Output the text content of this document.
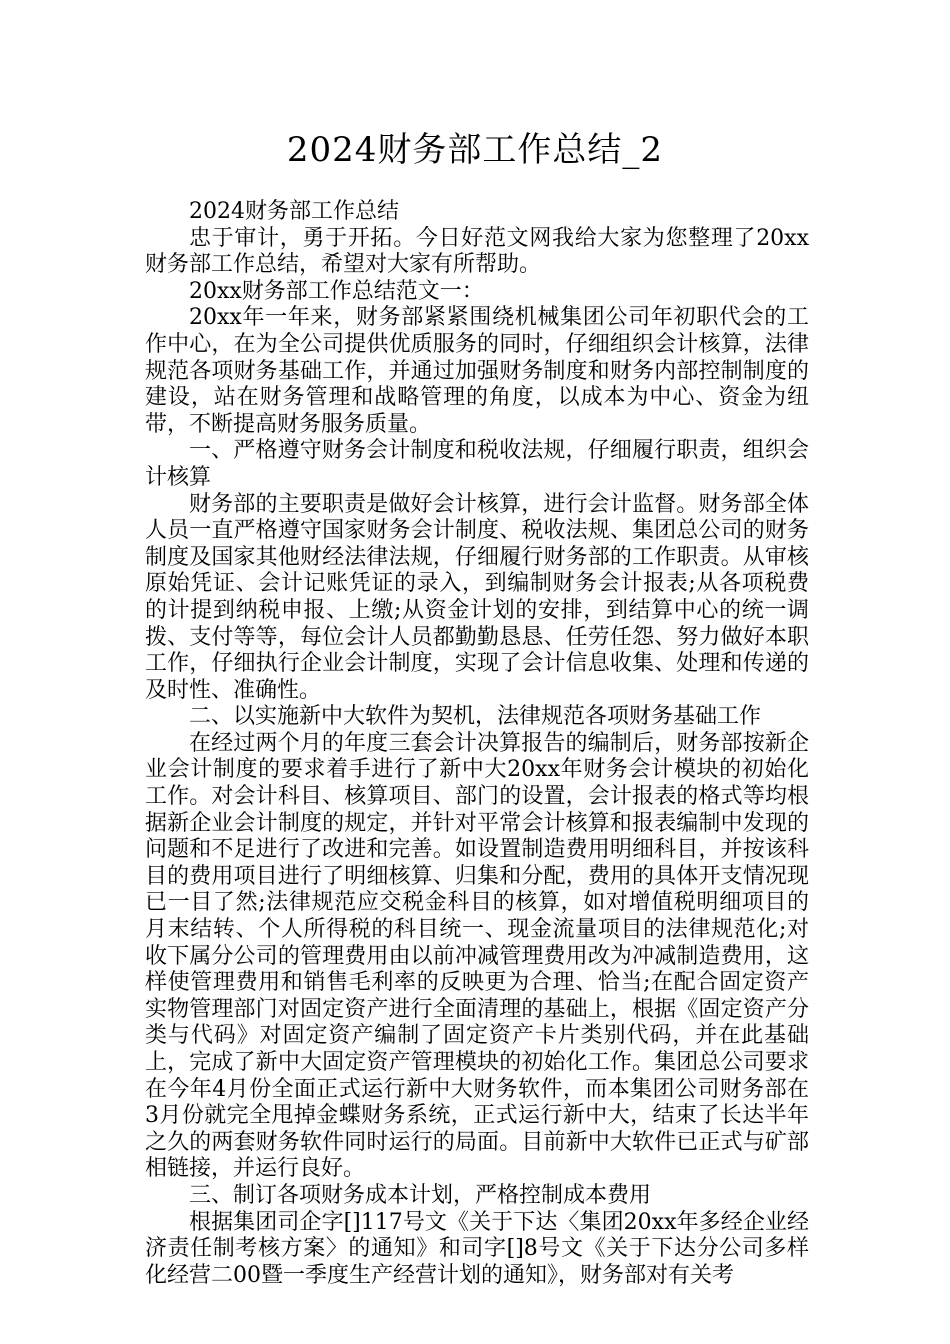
2024财务部工作总结_2

2024财务部工作总结

忠于审计，勇于开拓。今日好范文网我给大家为您整理了20xx财务部工作总结，希望对大家有所帮助。

20xx财务部工作总结范文一：

20xx年一年来，财务部紧紧围绕机械集团公司年初职代会的工作中心，在为全公司提供优质服务的同时，仔细组织会计核算，法律规范各项财务基础工作，并通过加强财务制度和财务内部控制制度的建设，站在财务管理和战略管理的角度，以成本为中心、资金为纽带，不断提高财务服务质量。

一、严格遵守财务会计制度和税收法规，仔细履行职责，组织会计核算

财务部的主要职责是做好会计核算，进行会计监督。财务部全体人员一直严格遵守国家财务会计制度、税收法规、集团总公司的财务制度及国家其他财经法律法规，仔细履行财务部的工作职责。从审核原始凭证、会计记账凭证的录入，到编制财务会计报表;从各项税费的计提到纳税申报、上缴;从资金计划的安排，到结算中心的统一调拨、支付等等，每位会计人员都勤勤恳恳、任劳任怨、努力做好本职工作，仔细执行企业会计制度，实现了会计信息收集、处理和传递的及时性、准确性。

二、以实施新中大软件为契机，法律规范各项财务基础工作

在经过两个月的年度三套会计决算报告的编制后，财务部按新企业会计制度的要求着手进行了新中大20xx年财务会计模块的初始化工作。对会计科目、核算项目、部门的设置，会计报表的格式等均根据新企业会计制度的规定，并针对平常会计核算和报表编制中发现的问题和不足进行了改进和完善。如设置制造费用明细科目，并按该科目的费用项目进行了明细核算、归集和分配，费用的具体开支情况现已一目了然;法律规范应交税金科目的核算，如对增值税明细项目的月末结转、个人所得税的科目统一、现金流量项目的法律规范化;对收下属分公司的管理费用由以前冲减管理费用改为冲减制造费用，这样使管理费用和销售毛利率的反映更为合理、恰当;在配合固定资产实物管理部门对固定资产进行全面清理的基础上，根据《固定资产分类与代码》对固定资产编制了固定资产卡片类别代码，并在此基础上，完成了新中大固定资产管理模块的初始化工作。集团总公司要求在今年4月份全面正式运行新中大财务软件，而本集团公司财务部在3月份就完全甩掉金蝶财务系统，正式运行新中大，结束了长达半年之久的两套财务软件同时运行的局面。目前新中大软件已正式与矿部相链接，并运行良好。

三、制订各项财务成本计划，严格控制成本费用

根据集团司企字[]117号文《关于下达〈集团20xx年多经企业经济责任制考核方案〉的通知》和司字[]8号文《关于下达分公司多样化经营二00暨一季度生产经营计划的通知》，财务部对有关考
